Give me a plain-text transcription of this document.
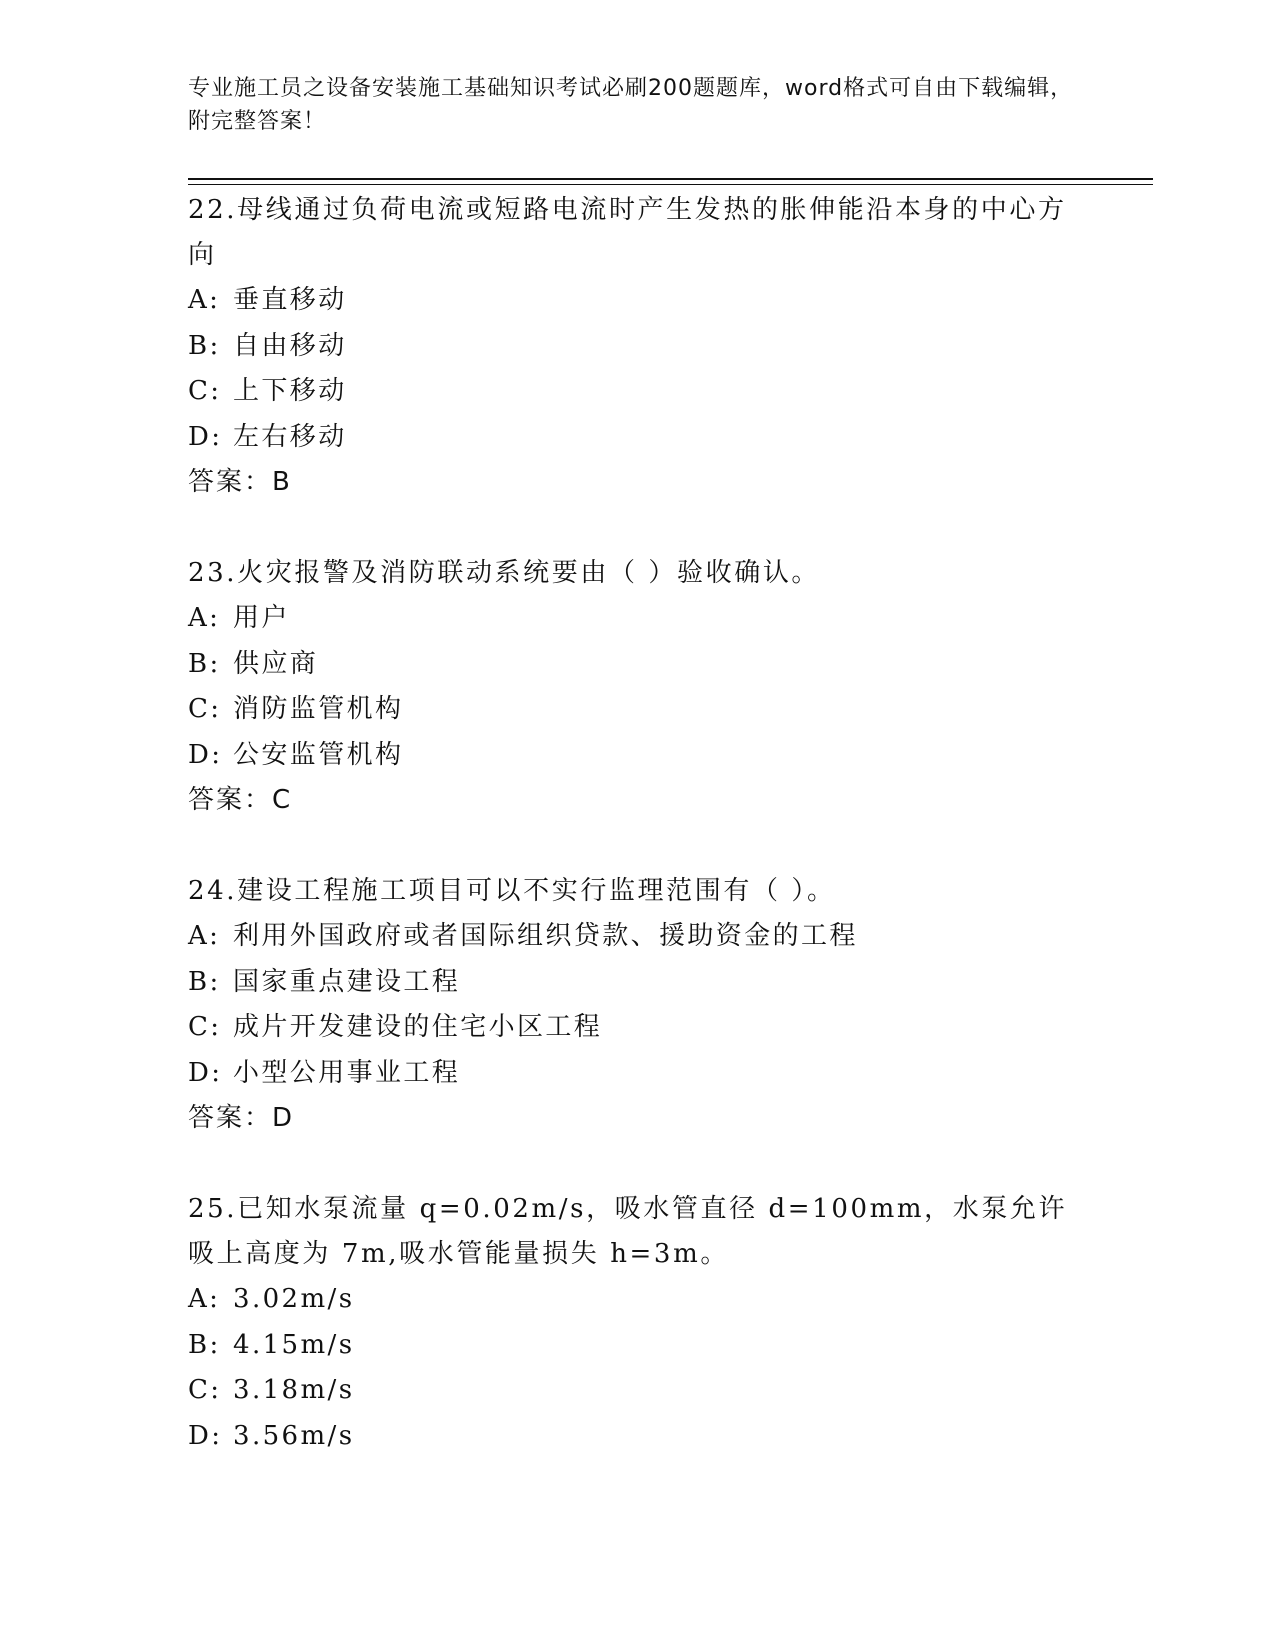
专业施工员之设备安装施工基础知识考试必刷200题题库，word格式可自由下载编辑，附完整答案！

22.母线通过负荷电流或短路电流时产生发热的胀伸能沿本身的中心方向

A: 垂直移动

B: 自由移动

C: 上下移动

D: 左右移动

答案：B

23.火灾报警及消防联动系统要由（ ）验收确认。

A: 用户

B: 供应商

C: 消防监管机构

D: 公安监管机构

答案：C

24.建设工程施工项目可以不实行监理范围有（ ）。

A: 利用外国政府或者国际组织贷款、援助资金的工程

B: 国家重点建设工程

C: 成片开发建设的住宅小区工程

D: 小型公用事业工程

答案：D

25.已知水泵流量 q=0.02m/s，吸水管直径 d=100mm，水泵允许吸上高度为 7m,吸水管能量损失 h=3m。

A: 3.02m/s

B: 4.15m/s

C: 3.18m/s

D: 3.56m/s
